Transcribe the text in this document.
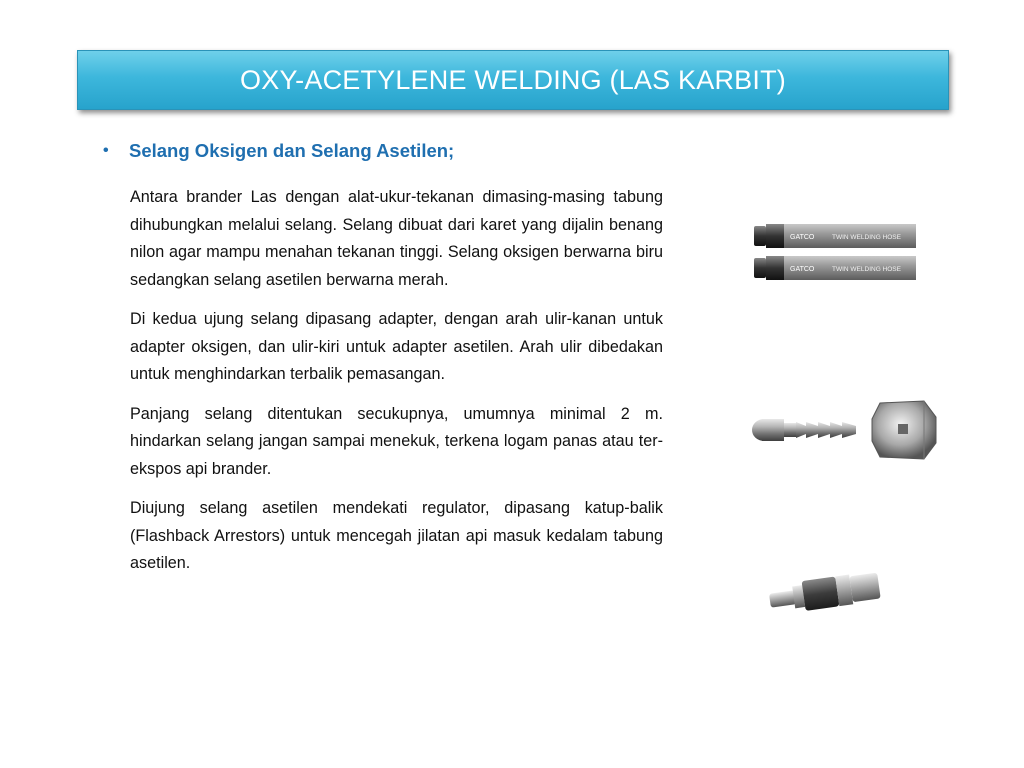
OXY-ACETYLENE WELDING (LAS KARBIT)
•	Selang Oksigen dan Selang Asetilen;

Antara brander Las dengan alat-ukur-tekanan dimasing-masing tabung dihubungkan melalui selang. Selang dibuat dari karet yang dijalin benang nilon agar mampu menahan tekanan tinggi. Selang oksigen berwarna biru sedangkan selang asetilen berwarna merah.

Di kedua ujung selang dipasang adapter, dengan arah ulir-kanan untuk adapter oksigen, dan ulir-kiri untuk adapter asetilen. Arah ulir dibedakan untuk menghindarkan terbalik pemasangan.

Panjang selang ditentukan secukupnya, umumnya minimal 2 m. hindarkan selang jangan sampai menekuk, terkena logam panas atau ter-ekspos api brander.

Diujung selang asetilen mendekati regulator, dipasang katup-balik (Flashback Arrestors) untuk mencegah jilatan api masuk kedalam tabung asetilen.

GATCO	TWIN WELDING HOSE
GATCO	TWIN WELDING HOSE
